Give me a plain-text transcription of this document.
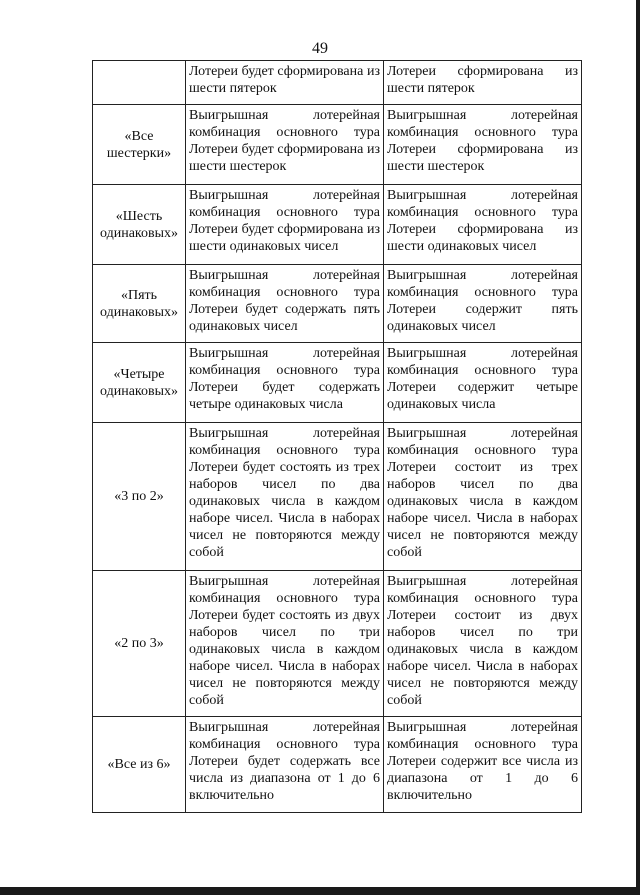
49
	Лотереи будет сформирована из шести пятерок	Лотереи сформирована из шести пятерок
«Все шестерки»	Выигрышная лотерейная комбинация основного тура Лотереи будет сформирована из шести шестерок	Выигрышная лотерейная комбинация основного тура Лотереи сформирована из шести шестерок
«Шесть одинаковых»	Выигрышная лотерейная комбинация основного тура Лотереи будет сформирована из шести одинаковых чисел	Выигрышная лотерейная комбинация основного тура Лотереи сформирована из шести одинаковых чисел
«Пять одинаковых»	Выигрышная лотерейная комбинация основного тура Лотереи будет содержать пять одинаковых чисел	Выигрышная лотерейная комбинация основного тура Лотереи содержит пять одинаковых чисел
«Четыре одинаковых»	Выигрышная лотерейная комбинация основного тура Лотереи будет содержать четыре одинаковых числа	Выигрышная лотерейная комбинация основного тура Лотереи содержит четыре одинаковых числа
«3 по 2»	Выигрышная лотерейная комбинация основного тура Лотереи будет состоять из трех наборов чисел по два одинаковых числа в каждом наборе чисел. Числа в наборах чисел не повторяются между собой	Выигрышная лотерейная комбинация основного тура Лотереи состоит из трех наборов чисел по два одинаковых числа в каждом наборе чисел. Числа в наборах чисел не повторяются между собой
«2 по 3»	Выигрышная лотерейная комбинация основного тура Лотереи будет состоять из двух наборов чисел по три одинаковых числа в каждом наборе чисел. Числа в наборах чисел не повторяются между собой	Выигрышная лотерейная комбинация основного тура Лотереи состоит из двух наборов чисел по три одинаковых числа в каждом наборе чисел. Числа в наборах чисел не повторяются между собой
«Все из 6»	Выигрышная лотерейная комбинация основного тура Лотереи будет содержать все числа из диапазона от 1 до 6 включительно	Выигрышная лотерейная комбинация основного тура Лотереи содержит все числа из диапазона от 1 до 6 включительно
